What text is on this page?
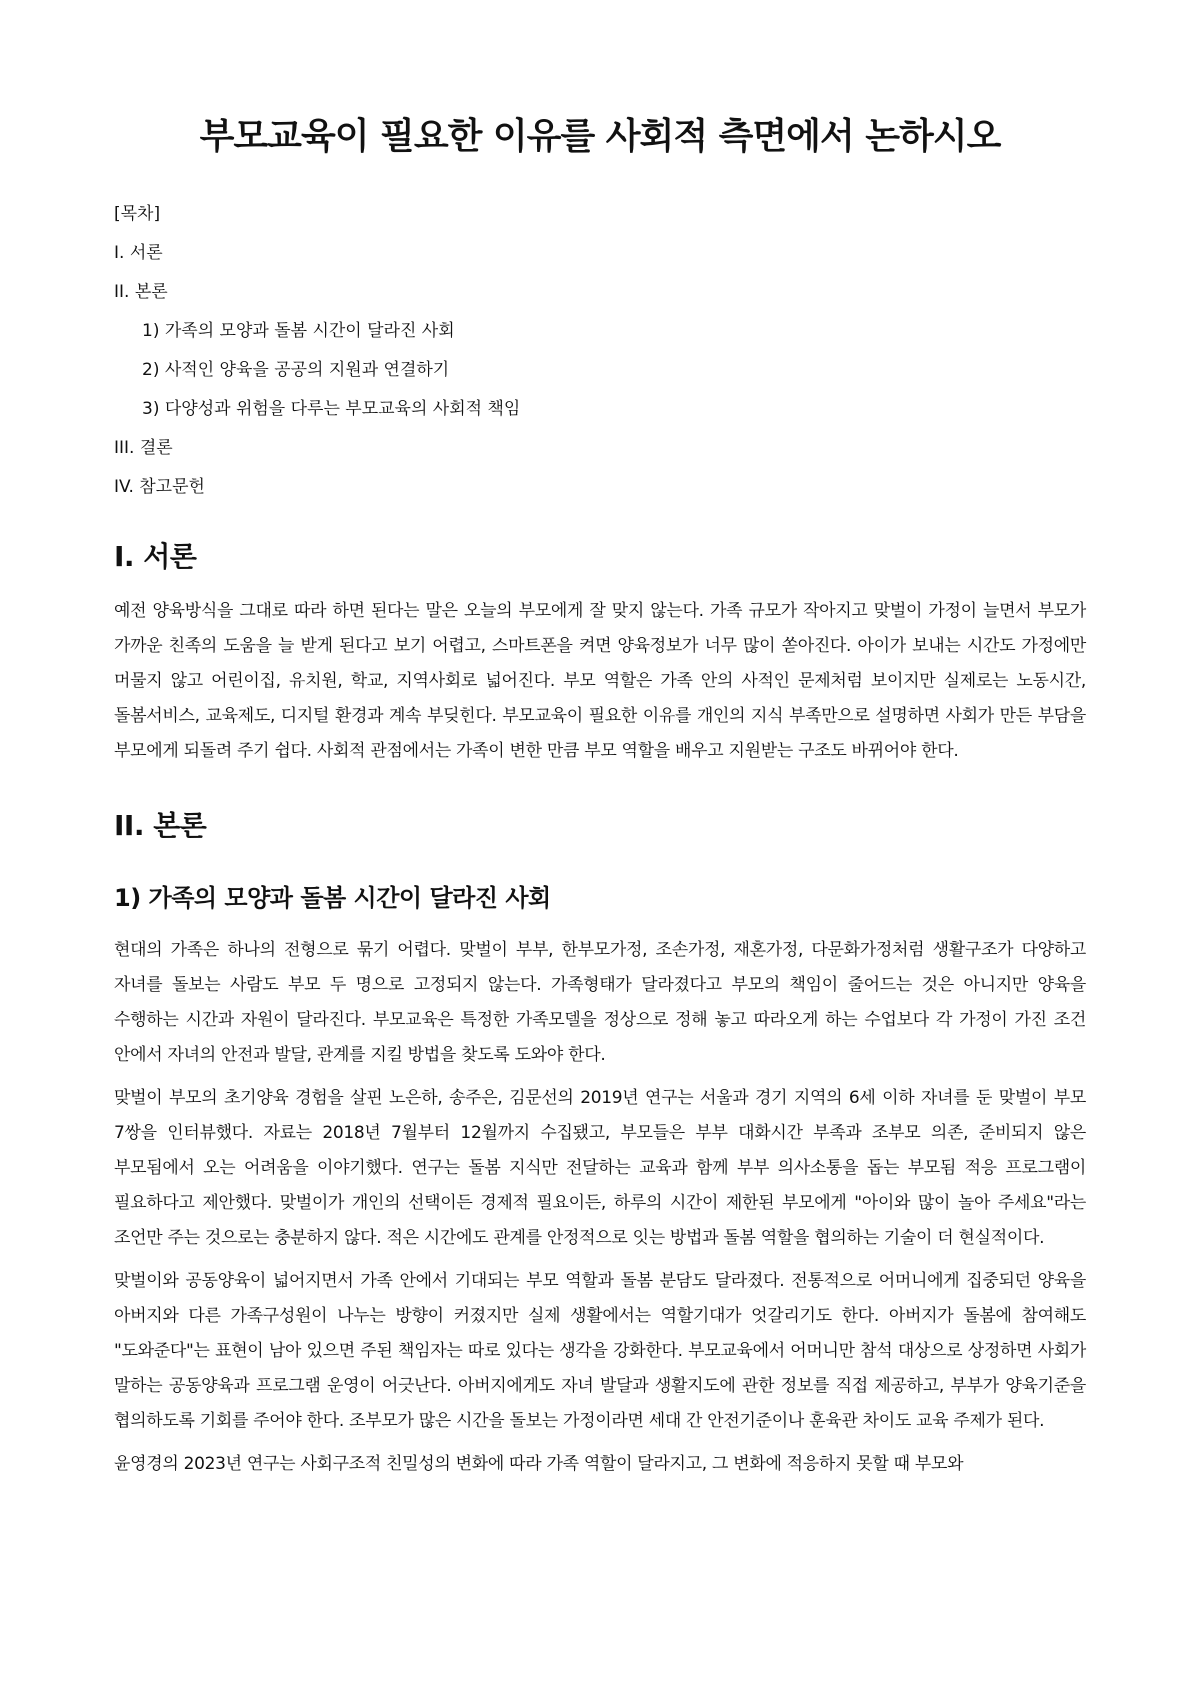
부모교육이 필요한 이유를 사회적 측면에서 논하시오
[목차]
I. 서론
II. 본론
1) 가족의 모양과 돌봄 시간이 달라진 사회
2) 사적인 양육을 공공의 지원과 연결하기
3) 다양성과 위험을 다루는 부모교육의 사회적 책임
III. 결론
IV. 참고문헌
I. 서론

예전 양육방식을 그대로 따라 하면 된다는 말은 오늘의 부모에게 잘 맞지 않는다. 가족 규모가 작아지고 맞벌이 가정이 늘면서 부모가 가까운 친족의 도움을 늘 받게 된다고 보기 어렵고, 스마트폰을 켜면 양육정보가 너무 많이 쏟아진다. 아이가 보내는 시간도 가정에만 머물지 않고 어린이집, 유치원, 학교, 지역사회로 넓어진다. 부모 역할은 가족 안의 사적인 문제처럼 보이지만 실제로는 노동시간, 돌봄서비스, 교육제도, 디지털 환경과 계속 부딪힌다. 부모교육이 필요한 이유를 개인의 지식 부족만으로 설명하면 사회가 만든 부담을 부모에게 되돌려 주기 쉽다. 사회적 관점에서는 가족이 변한 만큼 부모 역할을 배우고 지원받는 구조도 바뀌어야 한다.

II. 본론
1) 가족의 모양과 돌봄 시간이 달라진 사회

현대의 가족은 하나의 전형으로 묶기 어렵다. 맞벌이 부부, 한부모가정, 조손가정, 재혼가정, 다문화가정처럼 생활구조가 다양하고 자녀를 돌보는 사람도 부모 두 명으로 고정되지 않는다. 가족형태가 달라졌다고 부모의 책임이 줄어드는 것은 아니지만 양육을 수행하는 시간과 자원이 달라진다. 부모교육은 특정한 가족모델을 정상으로 정해 놓고 따라오게 하는 수업보다 각 가정이 가진 조건 안에서 자녀의 안전과 발달, 관계를 지킬 방법을 찾도록 도와야 한다.

맞벌이 부모의 초기양육 경험을 살핀 노은하, 송주은, 김문선의 2019년 연구는 서울과 경기 지역의 6세 이하 자녀를 둔 맞벌이 부모 7쌍을 인터뷰했다. 자료는 2018년 7월부터 12월까지 수집됐고, 부모들은 부부 대화시간 부족과 조부모 의존, 준비되지 않은 부모됨에서 오는 어려움을 이야기했다. 연구는 돌봄 지식만 전달하는 교육과 함께 부부 의사소통을 돕는 부모됨 적응 프로그램이 필요하다고 제안했다. 맞벌이가 개인의 선택이든 경제적 필요이든, 하루의 시간이 제한된 부모에게 "아이와 많이 놀아 주세요"라는 조언만 주는 것으로는 충분하지 않다. 적은 시간에도 관계를 안정적으로 잇는 방법과 돌봄 역할을 협의하는 기술이 더 현실적이다.

맞벌이와 공동양육이 넓어지면서 가족 안에서 기대되는 부모 역할과 돌봄 분담도 달라졌다. 전통적으로 어머니에게 집중되던 양육을 아버지와 다른 가족구성원이 나누는 방향이 커졌지만 실제 생활에서는 역할기대가 엇갈리기도 한다. 아버지가 돌봄에 참여해도 "도와준다"는 표현이 남아 있으면 주된 책임자는 따로 있다는 생각을 강화한다. 부모교육에서 어머니만 참석 대상으로 상정하면 사회가 말하는 공동양육과 프로그램 운영이 어긋난다. 아버지에게도 자녀 발달과 생활지도에 관한 정보를 직접 제공하고, 부부가 양육기준을 협의하도록 기회를 주어야 한다. 조부모가 많은 시간을 돌보는 가정이라면 세대 간 안전기준이나 훈육관 차이도 교육 주제가 된다.

윤영경의 2023년 연구는 사회구조적 친밀성의 변화에 따라 가족 역할이 달라지고, 그 변화에 적응하지 못할 때 부모와
